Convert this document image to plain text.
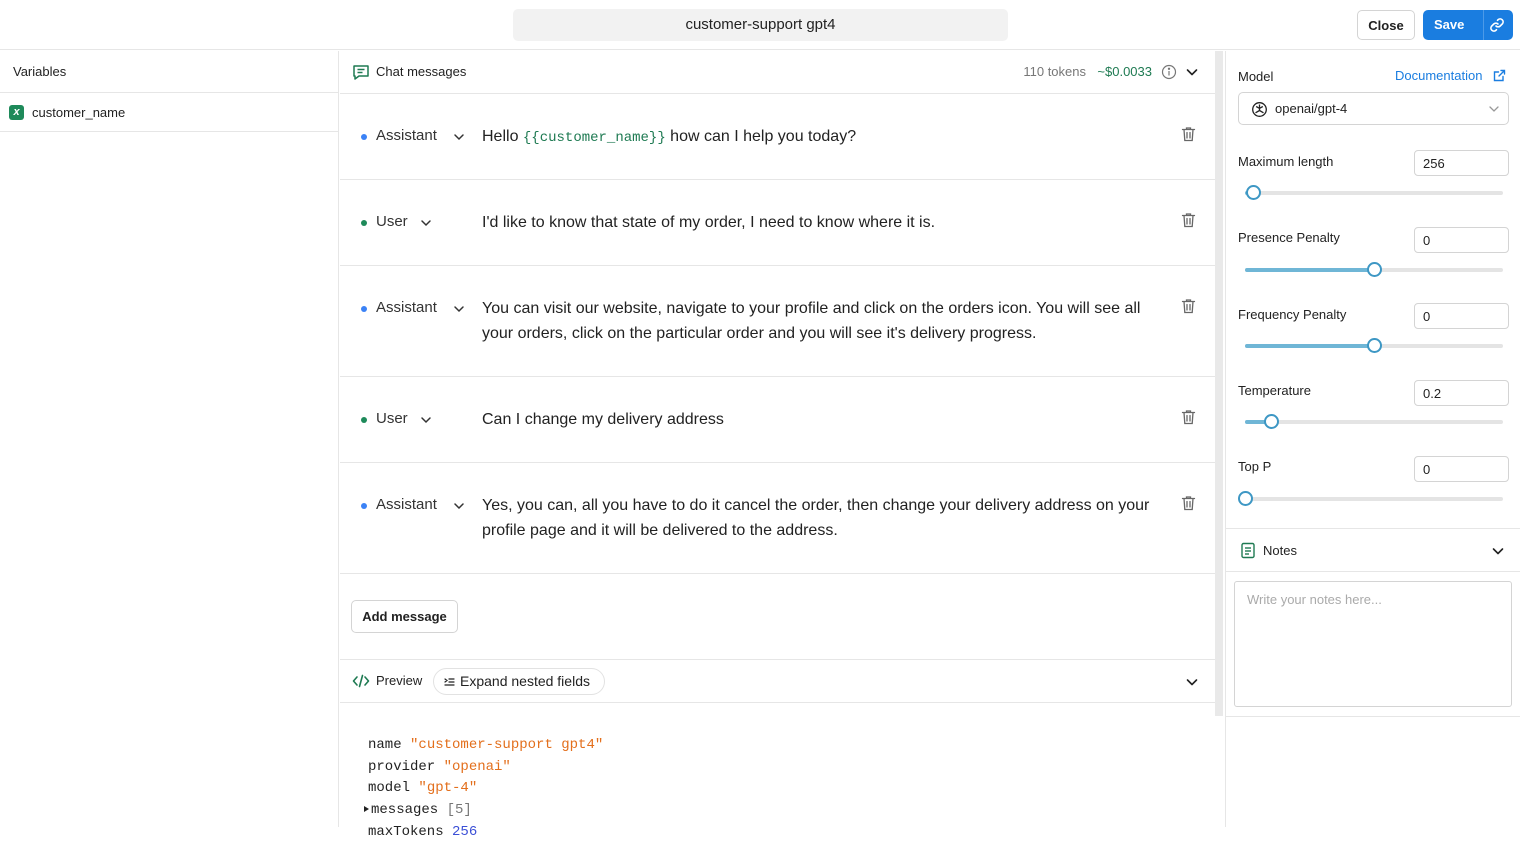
customer-support gpt4	Close	Save
Variables
x customer_name
Chat messages	110 tokens ~$0.0033
Assistant	Hello {{customer_name}} how can I help you today?
User	I'd like to know that state of my order, I need to know where it is.
Assistant	You can visit our website, navigate to your profile and click on the orders icon. You will see all your orders, click on the particular order and you will see it's delivery progress.
User	Can I change my delivery address
Assistant	Yes, you can, all you have to do it cancel the order, then change your delivery address on your profile page and it will be delivered to the address.
Add message
Preview	Expand nested fields
name "customer-support gpt4"
provider "openai"
model "gpt-4"
messages [5]
maxTokens 256
Model	Documentation
openai/gpt-4
Maximum length
256
Presence Penalty
0
Frequency Penalty
0
Temperature
0.2
Top P
0
Notes
Write your notes here...
